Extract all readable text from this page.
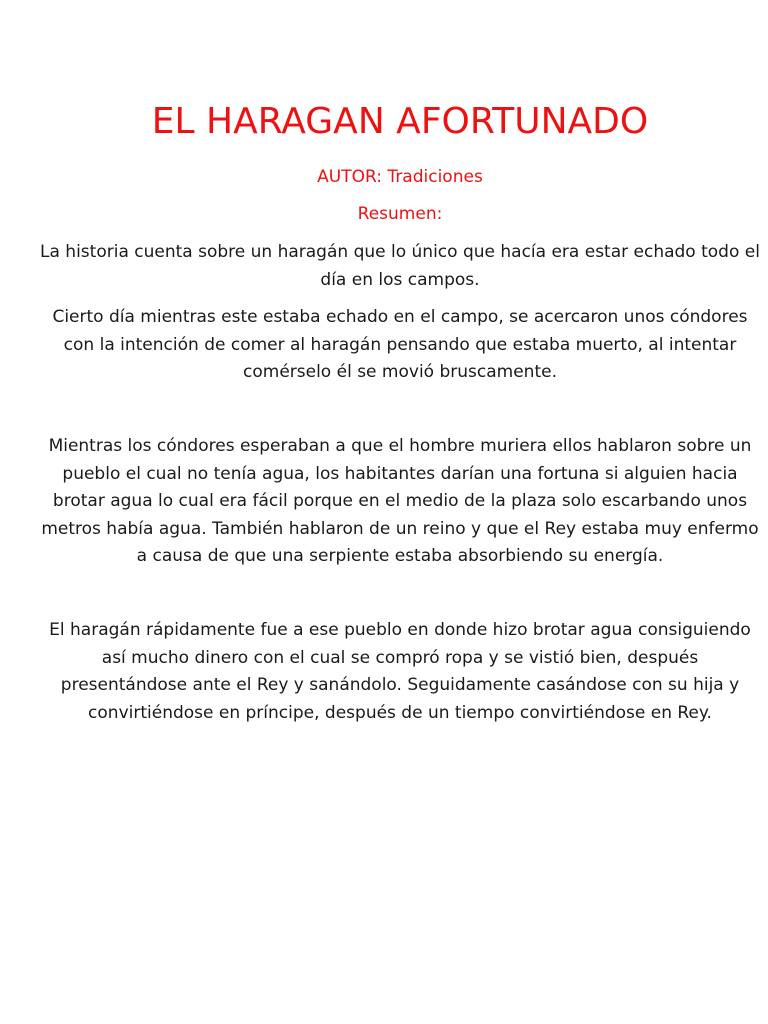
EL HARAGAN AFORTUNADO

AUTOR: Tradiciones

Resumen:

La historia cuenta sobre un haragán que lo único que hacía era estar echado todo el día en los campos.

Cierto día mientras este estaba echado en el campo, se acercaron unos cóndores con la intención de comer al haragán pensando que estaba muerto, al intentar comérselo él se movió bruscamente.

Mientras los cóndores esperaban a que el hombre muriera ellos hablaron sobre un pueblo el cual no tenía agua, los habitantes darían una fortuna si alguien hacia brotar agua lo cual era fácil porque en el medio de la plaza solo escarbando unos metros había agua. También hablaron de un reino y que el Rey estaba muy enfermo a causa de que una serpiente estaba absorbiendo su energía.

El haragán rápidamente fue a ese pueblo en donde hizo brotar agua consiguiendo así mucho dinero con el cual se compró ropa y se vistió bien, después presentándose ante el Rey y sanándolo. Seguidamente casándose con su hija y convirtiéndose en príncipe, después de un tiempo convirtiéndose en Rey.
